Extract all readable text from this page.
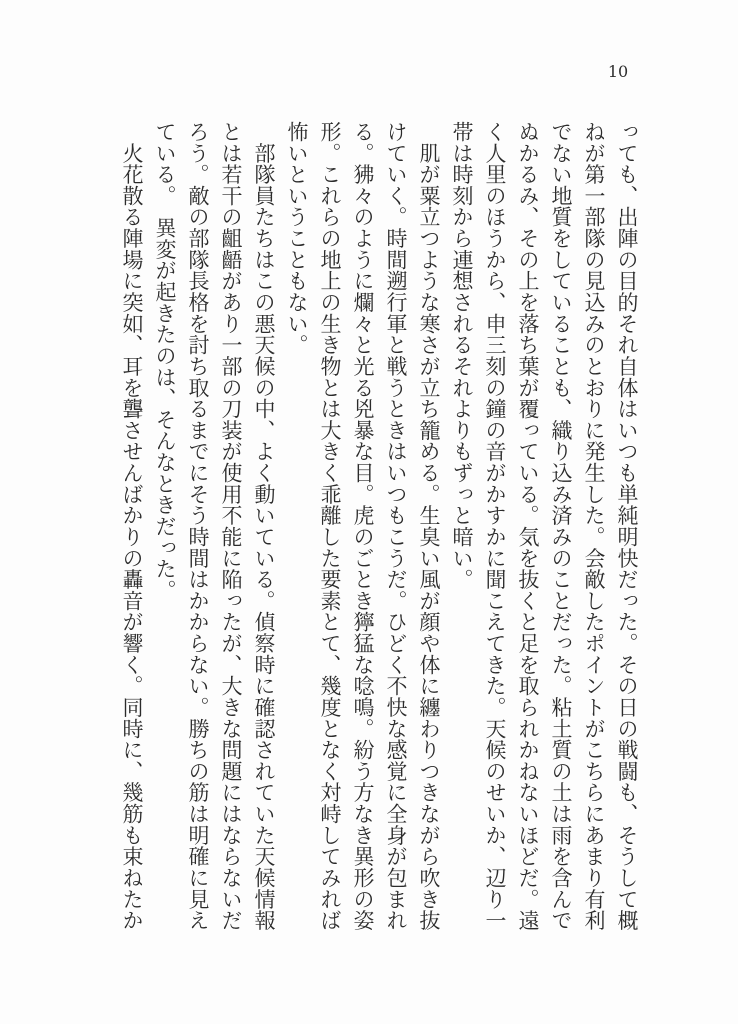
10

っても、出陣の目的それ自体はいつも単純明快だった。その日の戦闘も、そうして概

ねが第一部隊の見込みのとおりに発生した。会敵したポイントがこちらにあまり有利

でない地質をしていることも、織り込み済みのことだった。粘土質の土は雨を含んで

ぬかるみ、その上を落ち葉が覆っている。気を抜くと足を取られかねないほどだ。遠

く人里のほうから、申三刻の鐘の音がかすかに聞こえてきた。天候のせいか、辺り一

帯は時刻から連想されるそれよりもずっと暗い。

　肌が粟立つような寒さが立ち籠める。生臭い風が顔や体に纏わりつきながら吹き抜

けていく。時間遡行軍と戦うときはいつもこうだ。ひどく不快な感覚に全身が包まれ

る。狒々のように爛々と光る兇暴な目。虎のごとき獰猛な唸鳴。紛う方なき異形の姿

形。これらの地上の生き物とは大きく乖離した要素とて、幾度となく対峙してみれば

怖いということもない。

　部隊員たちはこの悪天候の中、よく動いている。偵察時に確認されていた天候情報

とは若干の齟齬があり一部の刀装が使用不能に陥ったが、大きな問題にはならないだ

ろう。敵の部隊長格を討ち取るまでにそう時間はかからない。勝ちの筋は明確に見え

ている。　異変が起きたのは、そんなときだった。

　火花散る陣場に突如、耳を聾させんばかりの轟音が響く。同時に、幾筋も束ねたか
